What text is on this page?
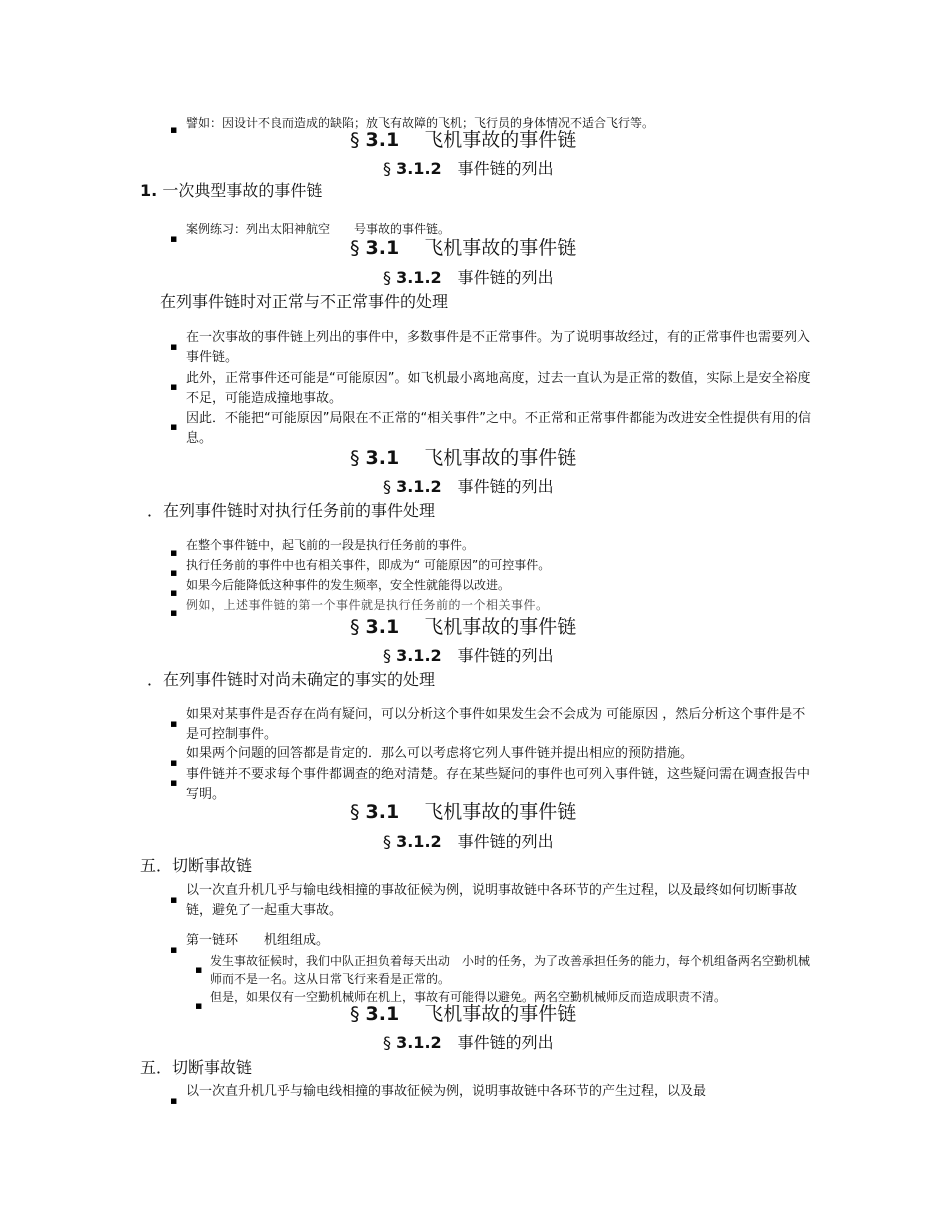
▪ 譬如：因设计不良而造成的缺陷；放飞有故障的飞机；飞行员的身体情况不适合飞行等。
§ 3.1　 飞机事故的事件链
§ 3.1.2　 事件链的列出
1. 一次典型事故的事件链
▪
案例练习：列出太阳神航空　　号事故的事件链。
§ 3.1　 飞机事故的事件链
§ 3.1.2　 事件链的列出
在列事件链时对正常与不正常事件的处理
▪
在一次事故的事件链上列出的事件中，多数事件是不正常事件。为了说明事故经过，有的正常事件也需要列入事件链。
▪
此外，正常事件还可能是“可能原因”。如飞机最小离地高度，过去一直认为是正常的数值，实际上是安全裕度不足，可能造成撞地事故。
▪
因此．不能把“可能原因”局限在不正常的“相关事件”之中。不正常和正常事件都能为改进安全性提供有用的信息。
§ 3.1　 飞机事故的事件链
§ 3.1.2　 事件链的列出
．在列事件链时对执行任务前的事件处理
▪
在整个事件链中，起飞前的一段是执行任务前的事件。
▪
执行任务前的事件中也有相关事件，即成为“ 可能原因”的可控事件。
▪
如果今后能降低这种事件的发生频率，安全性就能得以改进。
▪
例如，上述事件链的第一个事件就是执行任务前的一个相关事件。
§ 3.1　 飞机事故的事件链
§ 3.1.2　 事件链的列出
．在列事件链时对尚未确定的事实的处理
▪
如果对某事件是否存在尚有疑问，可以分析这个事件如果发生会不会成为 可能原因 ，然后分析这个事件是不是可控制事件。
▪
如果两个问题的回答都是肯定的．那么可以考虑将它列人事件链并提出相应的预防措施。
▪
事件链并不要求每个事件都调查的绝对清楚。存在某些疑问的事件也可列入事件链，这些疑问需在调查报告中写明。
§ 3.1　 飞机事故的事件链
§ 3.1.2　 事件链的列出
五．切断事故链
▪
以一次直升机几乎与输电线相撞的事故征候为例，说明事故链中各环节的产生过程，以及最终如何切断事故链，避免了一起重大事故。
▪
第一链环　　机组组成。
▪
发生事故征候时，我们中队正担负着每天出动　小时的任务，为了改善承担任务的能力，每个机组备两名空勤机械师而不是一名。这从日常飞行来看是正常的。
▪
但是，如果仅有一空勤机械师在机上，事故有可能得以避免。两名空勤机械师反而造成职责不清。
§ 3.1　 飞机事故的事件链
§ 3.1.2　 事件链的列出
五．切断事故链
▪
以一次直升机几乎与输电线相撞的事故征候为例，说明事故链中各环节的产生过程，以及最
